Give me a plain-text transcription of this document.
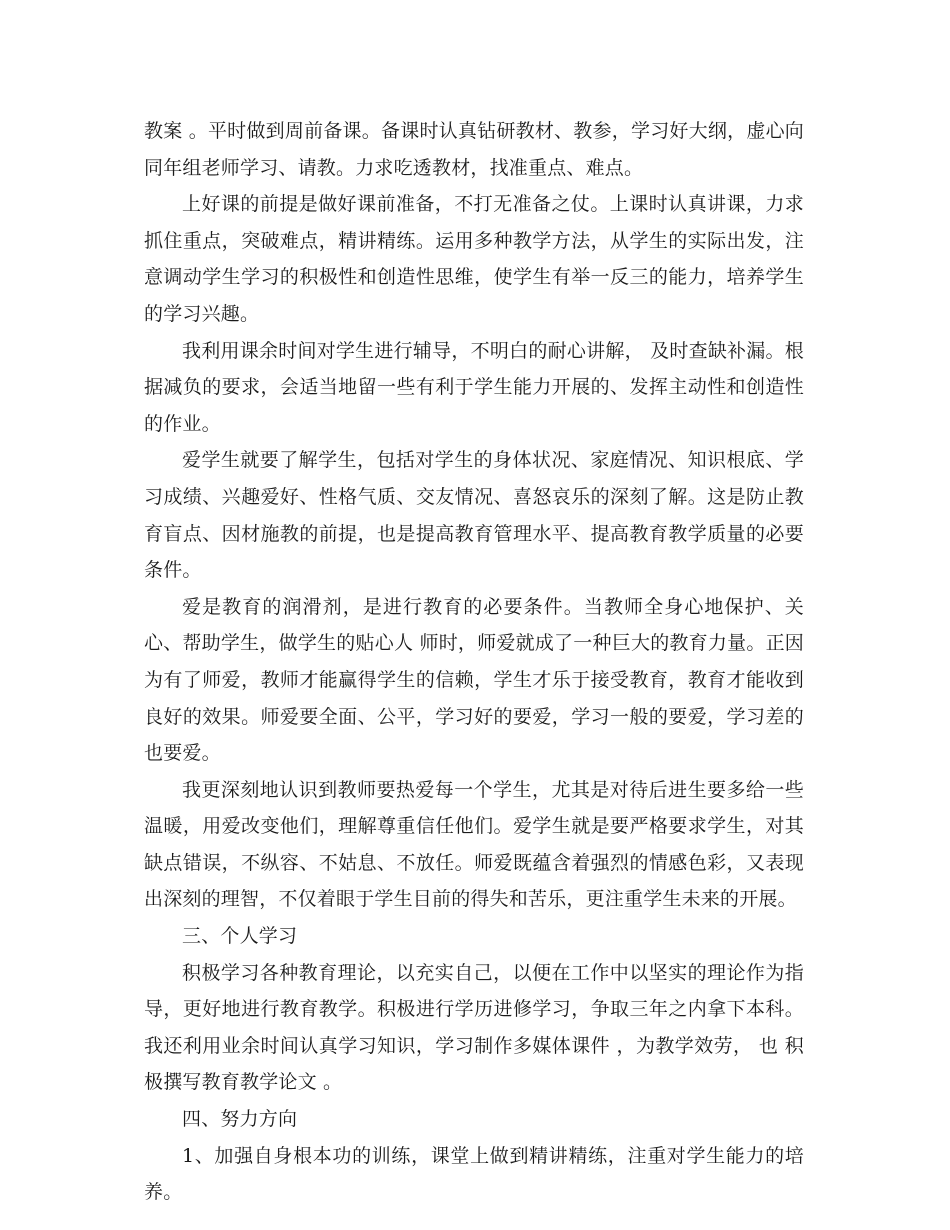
教案 。平时做到周前备课。备课时认真钻研教材、教参，学习好大纲，虚心向同年组老师学习、请教。力求吃透教材，找准重点、难点。

上好课的前提是做好课前准备，不打无准备之仗。上课时认真讲课，力求抓住重点，突破难点，精讲精练。运用多种教学方法，从学生的实际出发，注意调动学生学习的积极性和创造性思维，使学生有举一反三的能力，培养学生的学习兴趣。

我利用课余时间对学生进行辅导，不明白的耐心讲解， 及时查缺补漏。根据减负的要求，会适当地留一些有利于学生能力开展的、发挥主动性和创造性的作业。

爱学生就要了解学生，包括对学生的身体状况、家庭情况、知识根底、学习成绩、兴趣爱好、性格气质、交友情况、喜怒哀乐的深刻了解。这是防止教育盲点、因材施教的前提，也是提高教育管理水平、提高教育教学质量的必要条件。

爱是教育的润滑剂，是进行教育的必要条件。当教师全身心地保护、关心、帮助学生，做学生的贴心人 师时，师爱就成了一种巨大的教育力量。正因为有了师爱，教师才能赢得学生的信赖，学生才乐于接受教育，教育才能收到良好的效果。师爱要全面、公平，学习好的要爱，学习一般的要爱，学习差的也要爱。

我更深刻地认识到教师要热爱每一个学生，尤其是对待后进生要多给一些温暖，用爱改变他们，理解尊重信任他们。爱学生就是要严格要求学生，对其缺点错误，不纵容、不姑息、不放任。师爱既蕴含着强烈的情感色彩，又表现出深刻的理智，不仅着眼于学生目前的得失和苦乐，更注重学生未来的开展。

三、个人学习

积极学习各种教育理论，以充实自己，以便在工作中以坚实的理论作为指导，更好地进行教育教学。积极进行学历进修学习，争取三年之内拿下本科。我还利用业余时间认真学习知识，学习制作多媒体课件 ，为教学效劳， 也 积极撰写教育教学论文 。

四、努力方向

1、加强自身根本功的训练，课堂上做到精讲精练，注重对学生能力的培养。
